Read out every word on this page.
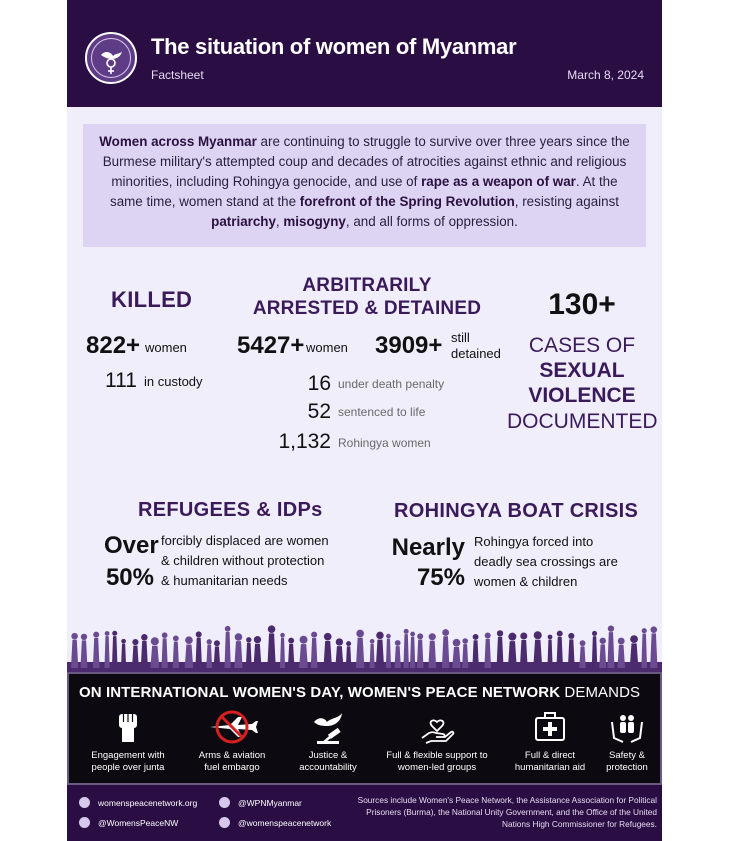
The situation of women of Myanmar
Factsheet	March 8, 2024
Women across Myanmar are continuing to struggle to survive over three years since the Burmese military's attempted coup and decades of atrocities against ethnic and religious minorities, including Rohingya genocide, and use of rape as a weapon of war. At the same time, women stand at the forefront of the Spring Revolution, resisting against patriarchy, misogyny, and all forms of oppression.
KILLED
822+ women
111 in custody
ARBITRARILY
ARRESTED & DETAINED
5427+ women 3909+ still
detained
16 under death penalty
52 sentenced to life
1,132 Rohingya women
130+
CASES OF
SEXUAL
VIOLENCE
DOCUMENTED
REFUGEES & IDPs
Over
50%
forcibly displaced are women
& children without protection
& humanitarian needs
ROHINGYA BOAT CRISIS
Nearly
75%
Rohingya forced into
deadly sea crossings are
women & children
ON INTERNATIONAL WOMEN'S DAY, WOMEN'S PEACE NETWORK DEMANDS
Engagement with
people over junta
Arms & aviation
fuel embargo
Justice &
accountability
Full & flexible support to
women-led groups
Full & direct
humanitarian aid
Safety &
protection
womenspeacenetwork.org
@WomensPeaceNW
@WPNMyanmar
@womenspeacenetwork
Sources include Women's Peace Network, the Assistance Association for Political Prisoners (Burma), the National Unity Government, and the Office of the United Nations High Commissioner for Refugees.
